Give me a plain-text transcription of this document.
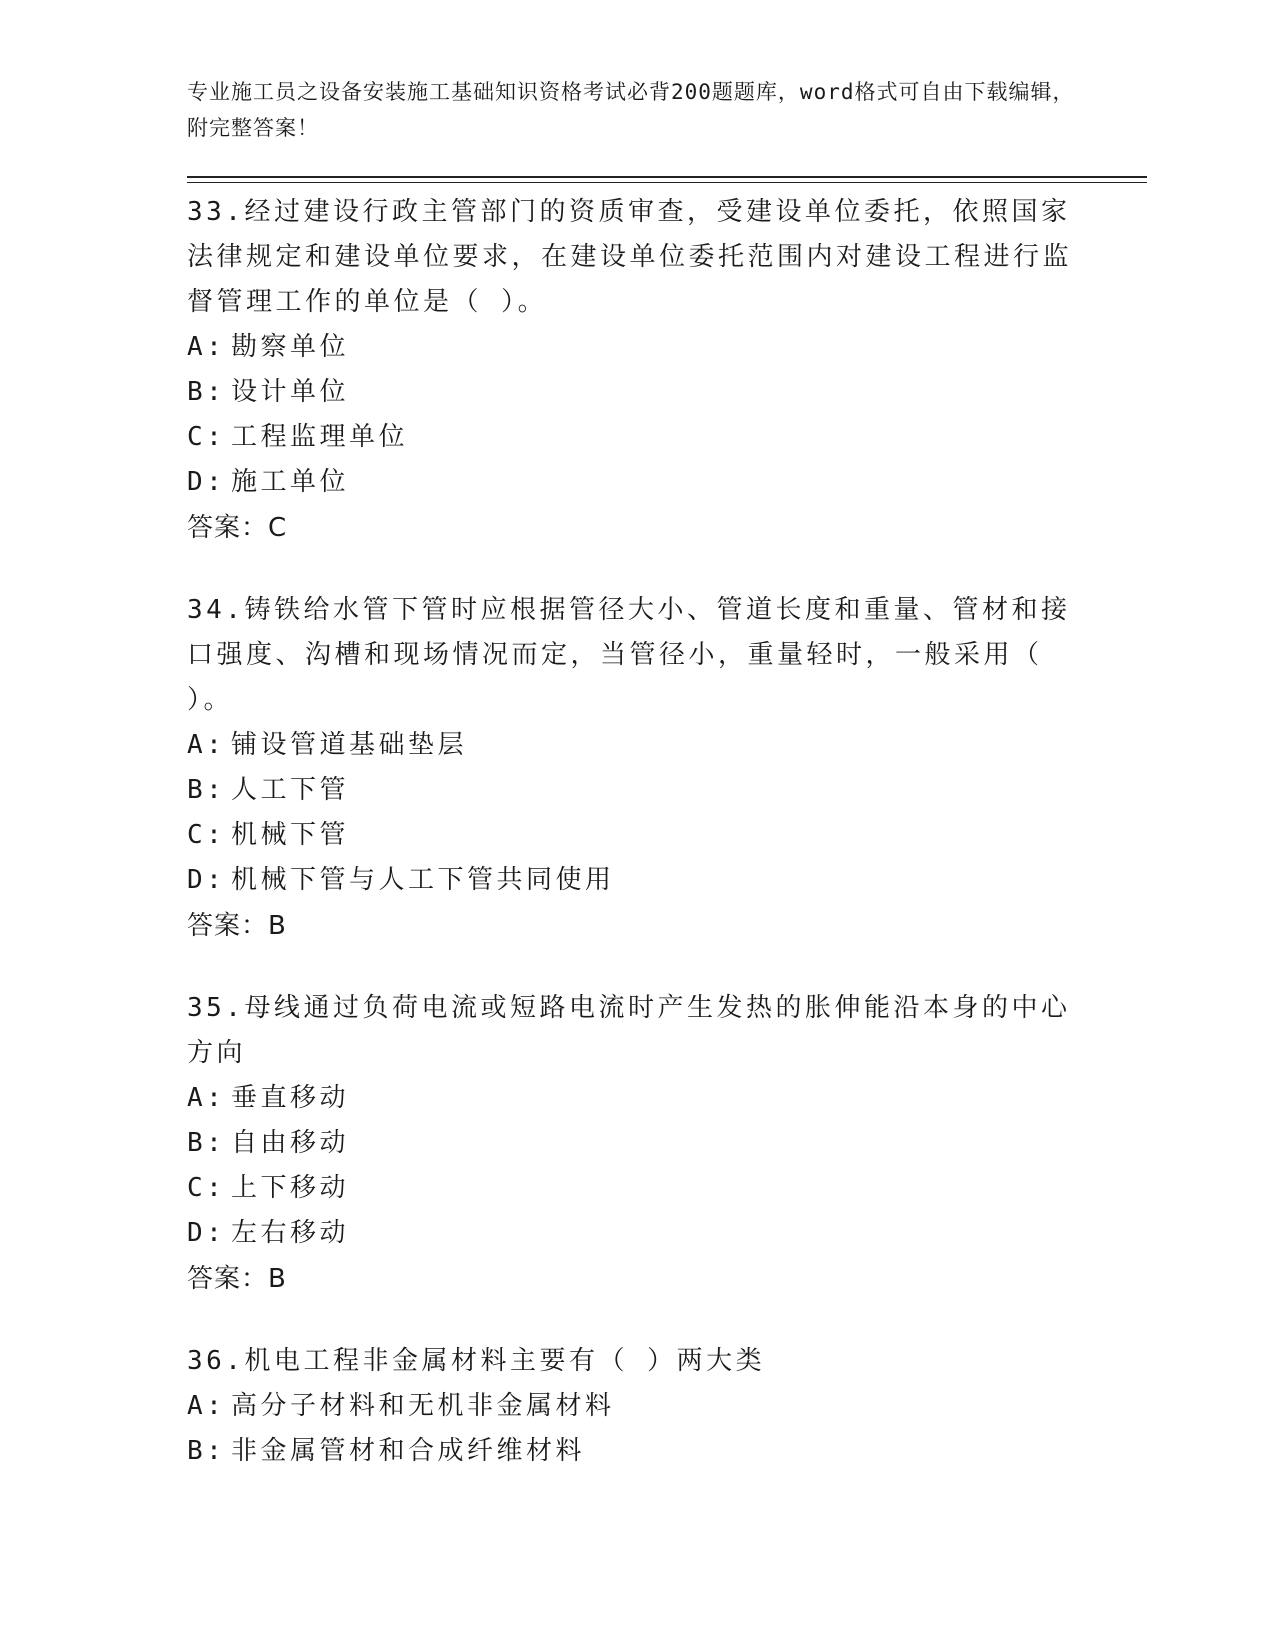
专业施工员之设备安装施工基础知识资格考试必背200题题库，word格式可自由下载编辑，附完整答案！

33.经过建设行政主管部门的资质审查，受建设单位委托，依照国家法律规定和建设单位要求，在建设单位委托范围内对建设工程进行监督管理工作的单位是（ ）。

A: 勘察单位

B: 设计单位

C: 工程监理单位

D: 施工单位

答案：C

34.铸铁给水管下管时应根据管径大小、管道长度和重量、管材和接口强度、沟槽和现场情况而定，当管径小，重量轻时，一般采用（ ）。

A: 铺设管道基础垫层

B: 人工下管

C: 机械下管

D: 机械下管与人工下管共同使用

答案：B

35.母线通过负荷电流或短路电流时产生发热的胀伸能沿本身的中心方向

A: 垂直移动

B: 自由移动

C: 上下移动

D: 左右移动

答案：B

36.机电工程非金属材料主要有（ ）两大类

A: 高分子材料和无机非金属材料

B: 非金属管材和合成纤维材料
